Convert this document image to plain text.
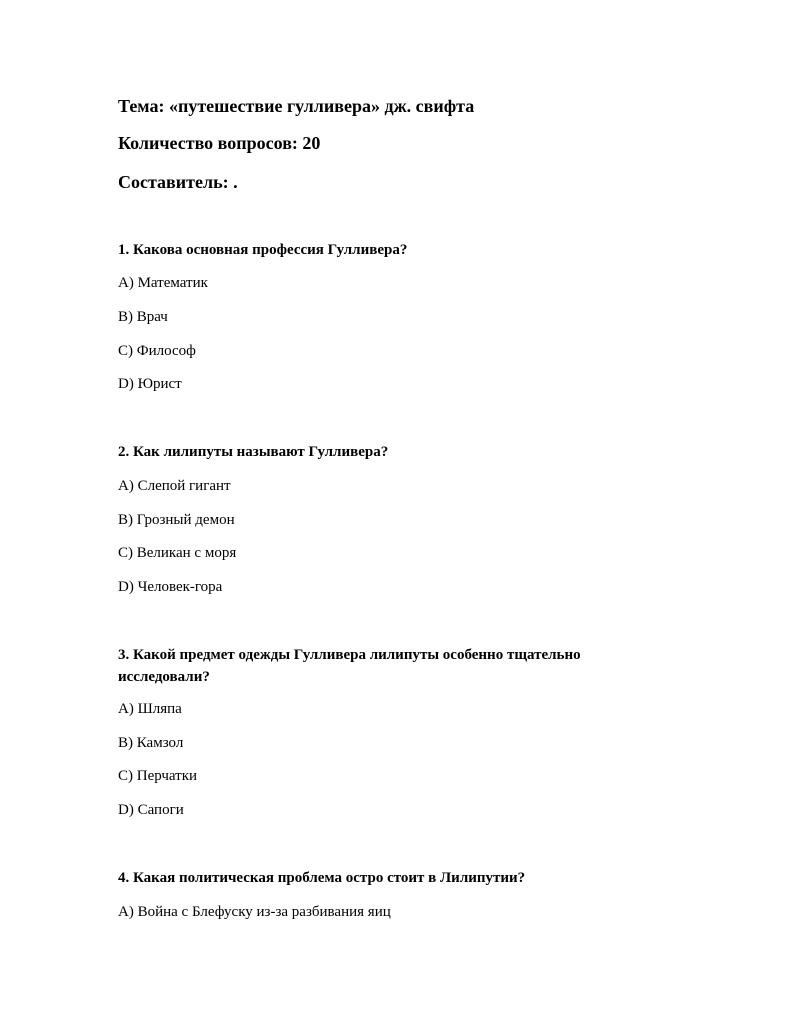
Тема: «путешествие гулливера» дж. свифта
Количество вопросов: 20
Составитель: .
1. Какова основная профессия Гулливера?
A) Математик
B) Врач
C) Философ
D) Юрист
2. Как лилипуты называют Гулливера?
A) Слепой гигант
B) Грозный демон
C) Великан с моря
D) Человек-гора
3. Какой предмет одежды Гулливера лилипуты особенно тщательно исследовали?
A) Шляпа
B) Камзол
C) Перчатки
D) Сапоги
4. Какая политическая проблема остро стоит в Лилипутии?
A) Война с Блефуску из-за разбивания яиц
